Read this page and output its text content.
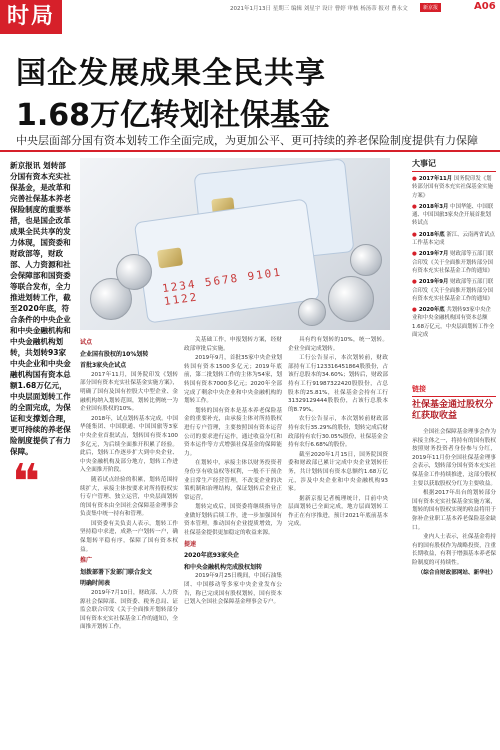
时局	2021年1月13日 星期三 编辑 刘星宇 设计 曹婷 审核 杨汤蒂 报对 曹永文	新京报	A06
国企发展成果全民共享
1.68万亿转划社保基金
中央层面部分国有资本划转工作全面完成，为更加公平、更可持续的养老保险制度提供有力保障
新京报讯 划转部分国有资本充实社保基金，是改革和完善社保基本养老保险制度的重要举措，也是国企改革成果全民共享的发力体现，国资委和财政部等，财政部、人力资源和社会保障部和国资委等联合发布，全力推进划转工作，截至2020年底，符合条件的中央企业和中央金融机构和中央金融机构划转，共划转93家中央企业和中央金融机构国有资本总额1.68万亿元，中央层面划转工作的全面完成，为保证和支撑划合理，更可持续的养老保险制度提供了有力保障。
❝
1234 5678 9101 1122
试点
企业国有股权的10%划转
首批3家央企试点

2017年11月，国务院印发《划转部分国有资本充实社保基金实施方案》，明确了国有及国有控股大中型企业、金融机构纳入划转范围，划转比例统一为企业国有股权的10%。

2018年，试点划转基本完成。中国华能集团、中国联通、中国国旅等3家中央企业首批试点，划转国有资本100多亿元，为后续全面推开积累了经验。此后，划转工作逐步扩大到中央企业、中央金融机构及部分地方，划转工作进入全面推开阶段。

随着试点经验的积累，划转范围持续扩大，承接主体按要求对所持股权实行专户管理、独立运营，中央层面划转的国有资本由全国社会保障基金理事会负责集中统一持有和管理。

国资委有关负责人表示，划转工作坚持稳中求进，成熟一户划转一户，确保划转平稳有序，保障了国有资本权益。

推广
划拨部署下发部门联合发文
明确时间表

2019年7月10日，财政部、人力资源社会保障部、国资委、税务总局、证监会联合印发《关于全面推开划转部分国有资本充实社保基金工作的通知》，全面推开划转工作。

关基础工作，申报划转方案，经财政部审批后实施。

2019年9月，首批35家中央企业划转国有资本1500多亿元；2019年底前，第二批划转工作的主体为54家，划转国有资本7000多亿元；2020年全部完成了剩余中央企业和中央金融机构的划转工作。

划转的国有资本是基本养老保险基金的重要补充，由承接主体对所持股权进行专户管理，主要按照国有资本运营公司的要求进行运作，通过收益分红和资本运作等方式增强社保基金的保障能力。

在划转中，承接主体以财务投资者身份享有收益权等权利，一般不干预企业日常生产经营管理，不改变企业的决策机制和治理结构，保证划转后企业正常运营。

划转完成后，国资委将继续指导企业做好划转后续工作，进一步加强国有资本管理，推动国有企业提质增效，为社保基金提供更加稳定的收益来源。

提速
2020年底93家央企
和中央金融机构完成股权划转

2019年9月25日晚间，中国石油集团、中国移动等多家中央企业发布公告，称已完成国有股权划转，国有资本已划入全国社会保障基金理事会专户。

具有约有划转的10%，统一划转。企业全面完成划转。

工行公告显示，本次划转前，财政部持有工行123316451864股股份，占该行总股本的34.60%；划转后，财政部持有工行91987322420股股份，占总股本的25.81%，社保基金会持有工行31329129444股股份，占该行总股本的8.79%。

农行公告显示，本次划转前财政部持有农行35.29%的股份，划转完成后财政部持有农行30.05%股份，社保基金会持有农行6.68%的股份。

截至2020年1月15日，国务院国资委和财政部已累计完成中央企业划转任务，共计划转国有资本总额约1.68万亿元，涉及中央企业和中央金融机构93家。

据新京报记者梳理统计，目前中央层面划转已全面完成，地方层面划转工作正在有序推进，预计2021年底前基本完成。

大事记
● 2017年11月 国务院印发《划转部分国有资本充实社保基金实施方案》
● 2018年3月 中国华能、中国联通、中国国旅3家央企开展首批划转试点
● 2018年底 浙江、云南两省试点工作基本完成
● 2019年7月 财政部等五部门联合印发《关于全面推开划转部分国有资本充实社保基金工作的通知》
● 2019年9月 财政部等五部门联合印发《关于全面推开划转部分国有资本充实社保基金工作的通知》
● 2020年底 共划转93家中央企业和中央金融机构国有资本总额1.68万亿元，中央层面划转工作全面完成
链接
社保基金通过股权分红获取收益

全国社会保障基金理事会作为承接主体之一，将持有的国有股权按照财务投资者身份参与分红，2019年11月份全国社保基金理事会表示，划转部分国有资本充实社保基金工作持续推进，这部分股权主要以获取股权分红为主要收益。

根据2017年出台的划转部分国有资本充实社保基金实施方案，划转的国有股权实现的收益将用于弥补企业职工基本养老保险基金缺口。

业内人士表示，社保基金将持有的国有股权作为战略投资，注重长期收益，有利于增强基本养老保险制度的可持续性。

（综合自财政部网站、新华社）
